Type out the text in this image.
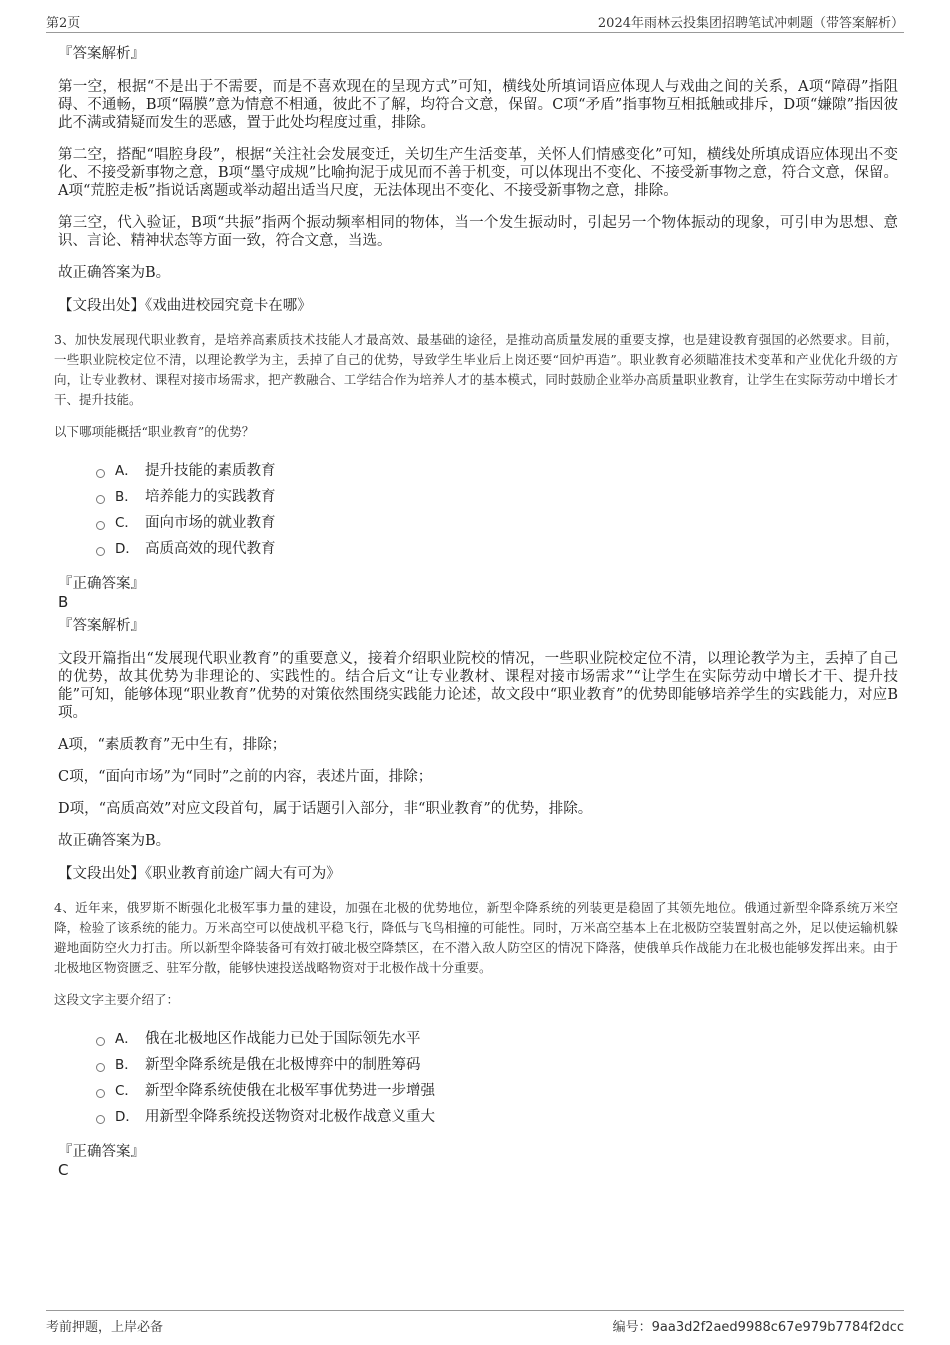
第2页	2024年雨林云投集团招聘笔试冲刺题（带答案解析）
『答案解析』

第一空，根据“不是出于不需要，而是不喜欢现在的呈现方式”可知，横线处所填词语应体现人与戏曲之间的关系，A项“障碍”指阻碍、不通畅，B项“隔膜”意为情意不相通，彼此不了解，均符合文意，保留。C项“矛盾”指事物互相抵触或排斥，D项“嫌隙”指因彼此不满或猜疑而发生的恶感，置于此处均程度过重，排除。

第二空，搭配“唱腔身段”，根据“关注社会发展变迁，关切生产生活变革，关怀人们情感变化”可知，横线处所填成语应体现出不变化、不接受新事物之意，B项“墨守成规”比喻拘泥于成见而不善于机变，可以体现出不变化、不接受新事物之意，符合文意，保留。A项“荒腔走板”指说话离题或举动超出适当尺度，无法体现出不变化、不接受新事物之意，排除。

第三空，代入验证，B项“共振”指两个振动频率相同的物体，当一个发生振动时，引起另一个物体振动的现象，可引申为思想、意识、言论、精神状态等方面一致，符合文意，当选。

故正确答案为B。

【文段出处】《戏曲进校园究竟卡在哪》

3、加快发展现代职业教育，是培养高素质技术技能人才最高效、最基础的途径，是推动高质量发展的重要支撑，也是建设教育强国的必然要求。目前，一些职业院校定位不清，以理论教学为主，丢掉了自己的优势，导致学生毕业后上岗还要“回炉再造”。职业教育必须瞄准技术变革和产业优化升级的方向，让专业教材、课程对接市场需求，把产教融合、工学结合作为培养人才的基本模式，同时鼓励企业举办高质量职业教育，让学生在实际劳动中增长才干、提升技能。

以下哪项能概括“职业教育”的优势？
A． 提升技能的素质教育
B． 培养能力的实践教育
C． 面向市场的就业教育
D． 高质高效的现代教育
『正确答案』
B
『答案解析』

文段开篇指出“发展现代职业教育”的重要意义，接着介绍职业院校的情况，一些职业院校定位不清，以理论教学为主，丢掉了自己的优势，故其优势为非理论的、实践性的。结合后文“让专业教材、课程对接市场需求”“让学生在实际劳动中增长才干、提升技能”可知，能够体现“职业教育”优势的对策依然围绕实践能力论述，故文段中“职业教育”的优势即能够培养学生的实践能力，对应B项。

A项，“素质教育”无中生有，排除；

C项，“面向市场”为“同时”之前的内容，表述片面，排除；

D项，“高质高效”对应文段首句，属于话题引入部分，非“职业教育”的优势，排除。

故正确答案为B。

【文段出处】《职业教育前途广阔大有可为》

4、近年来，俄罗斯不断强化北极军事力量的建设，加强在北极的优势地位，新型伞降系统的列装更是稳固了其领先地位。俄通过新型伞降系统万米空降，检验了该系统的能力。万米高空可以使战机平稳飞行，降低与飞鸟相撞的可能性。同时，万米高空基本上在北极防空装置射高之外，足以使运输机躲避地面防空火力打击。所以新型伞降装备可有效打破北极空降禁区，在不潜入敌人防空区的情况下降落，使俄单兵作战能力在北极也能够发挥出来。由于北极地区物资匮乏、驻军分散，能够快速投送战略物资对于北极作战十分重要。

这段文字主要介绍了：
A． 俄在北极地区作战能力已处于国际领先水平
B． 新型伞降系统是俄在北极博弈中的制胜筹码
C． 新型伞降系统使俄在北极军事优势进一步增强
D． 用新型伞降系统投送物资对北极作战意义重大
『正确答案』
C
考前押题，上岸必备	编号：9aa3d2f2aed9988c67e979b7784f2dcc
